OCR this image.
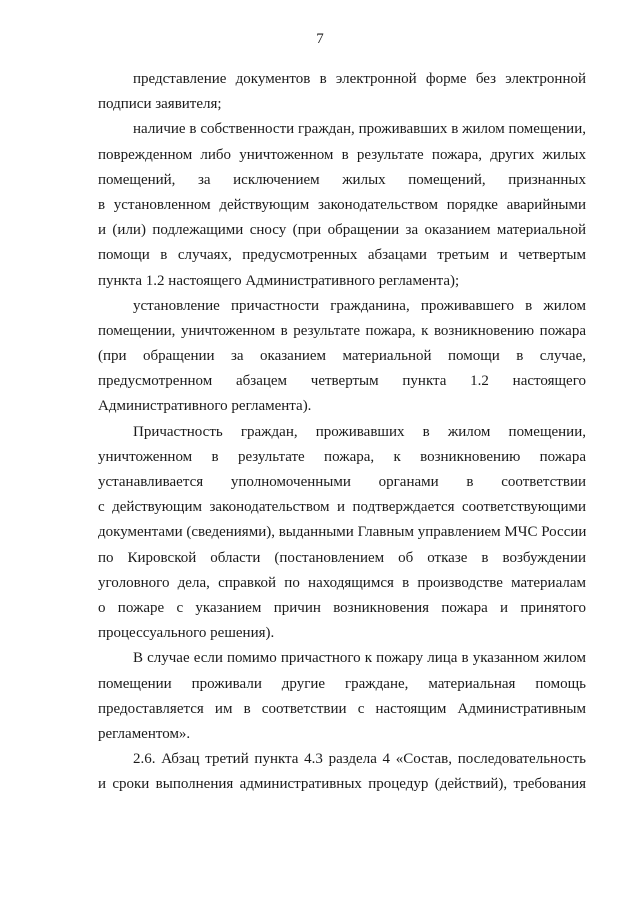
7
представление документов в электронной форме без электронной
подписи заявителя;
наличие в собственности граждан, проживавших в жилом помещении,
поврежденном либо уничтоженном в результате пожара, других жилых
помещений, за исключением жилых помещений, признанных
в установленном действующим законодательством порядке аварийными
и (или) подлежащими сносу (при обращении за оказанием материальной
помощи в случаях, предусмотренных абзацами третьим и четвертым
пункта 1.2 настоящего Административного регламента);
установление причастности гражданина, проживавшего в жилом
помещении, уничтоженном в результате пожара, к возникновению пожара
(при обращении за оказанием материальной помощи в случае,
предусмотренном абзацем четвертым пункта 1.2 настоящего
Административного регламента).
Причастность граждан, проживавших в жилом помещении,
уничтоженном в результате пожара, к возникновению пожара
устанавливается уполномоченными органами в соответствии
с действующим законодательством и подтверждается соответствующими
документами (сведениями), выданными Главным управлением МЧС России
по Кировской области (постановлением об отказе в возбуждении
уголовного дела, справкой по находящимся в производстве материалам
о пожаре с указанием причин возникновения пожара и принятого
процессуального решения).
В случае если помимо причастного к пожару лица в указанном жилом
помещении проживали другие граждане, материальная помощь
предоставляется им в соответствии с настоящим Административным
регламентом».
2.6. Абзац третий пункта 4.3 раздела 4 «Состав, последовательность
и сроки выполнения административных процедур (действий), требования
